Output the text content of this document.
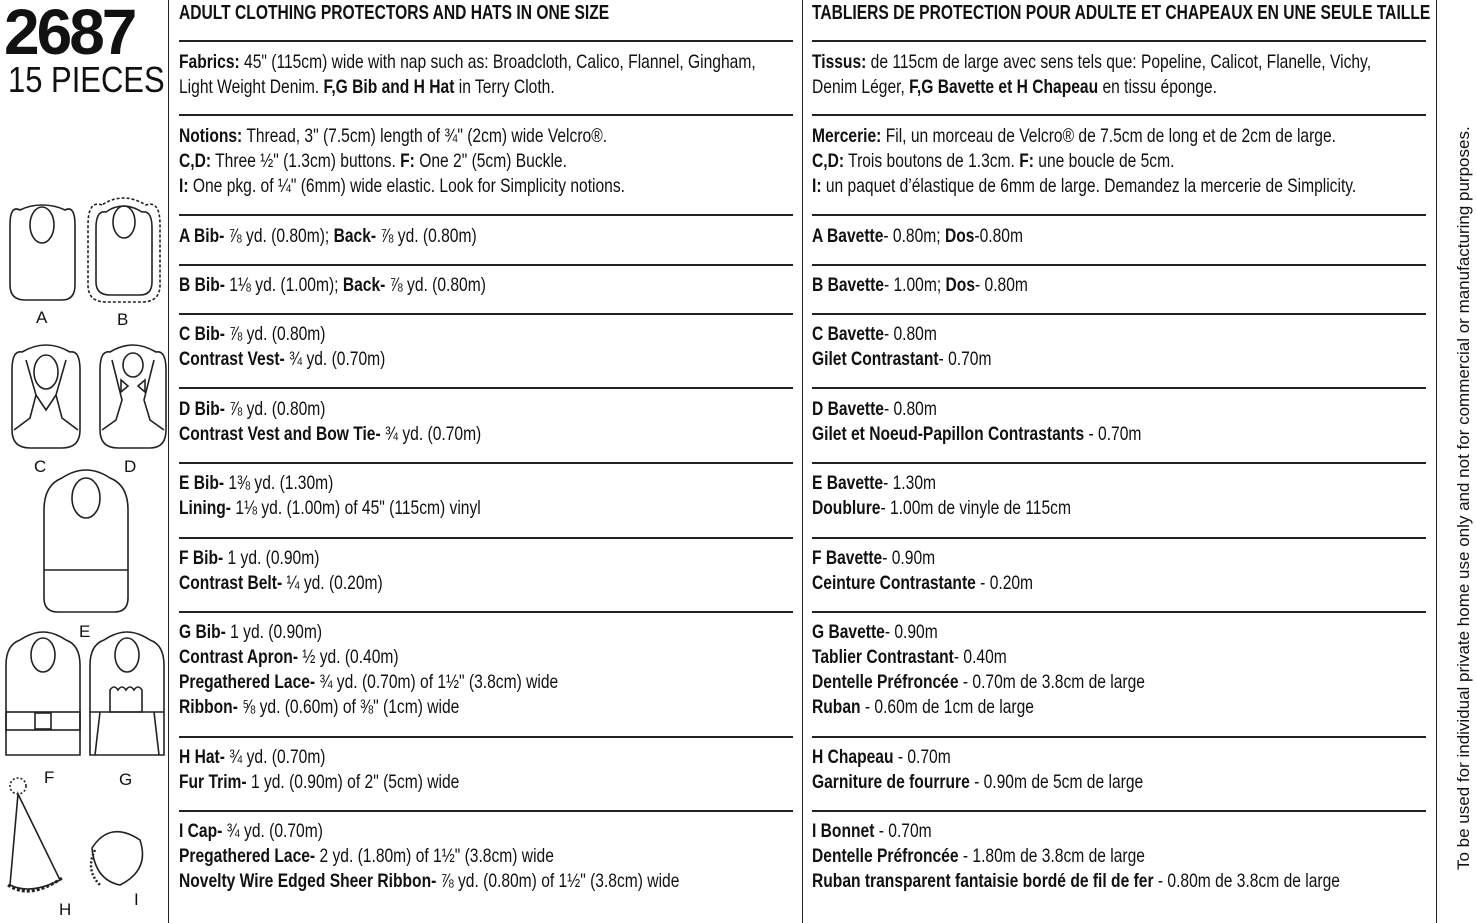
2687
15 PIECES
A	B
C	D
E
F	G
H
I
ADULT CLOTHING PROTECTORS AND HATS IN ONE SIZE
Fabrics: 45" (115cm) wide with nap such as: Broadcloth, Calico, Flannel, Gingham,
Light Weight Denim. F,G Bib and H Hat in Terry Cloth.
Notions: Thread, 3" (7.5cm) length of ¾" (2cm) wide Velcro®.
C,D: Three ½" (1.3cm) buttons. F: One 2" (5cm) Buckle.
I: One pkg. of ¼" (6mm) wide elastic. Look for Simplicity notions.
A Bib- ⅞ yd. (0.80m); Back- ⅞ yd. (0.80m)
B Bib- 1⅛ yd. (1.00m); Back- ⅞ yd. (0.80m)
C Bib- ⅞ yd. (0.80m)
Contrast Vest- ¾ yd. (0.70m)
D Bib- ⅞ yd. (0.80m)
Contrast Vest and Bow Tie- ¾ yd. (0.70m)
E Bib- 1⅜ yd. (1.30m)
Lining- 1⅛ yd. (1.00m) of 45" (115cm) vinyl
F Bib- 1 yd. (0.90m)
Contrast Belt- ¼ yd. (0.20m)
G Bib- 1 yd. (0.90m)
Contrast Apron- ½ yd. (0.40m)
Pregathered Lace- ¾ yd. (0.70m) of 1½" (3.8cm) wide
Ribbon- ⅝ yd. (0.60m) of ⅜" (1cm) wide
H Hat- ¾ yd. (0.70m)
Fur Trim- 1 yd. (0.90m) of 2" (5cm) wide
I Cap- ¾ yd. (0.70m)
Pregathered Lace- 2 yd. (1.80m) of 1½" (3.8cm) wide
Novelty Wire Edged Sheer Ribbon- ⅞ yd. (0.80m) of 1½" (3.8cm) wide
TABLIERS DE PROTECTION POUR ADULTE ET CHAPEAUX EN UNE SEULE TAILLE
Tissus: de 115cm de large avec sens tels que: Popeline, Calicot, Flanelle, Vichy,
Denim Léger, F,G Bavette et H Chapeau en tissu éponge.
Mercerie: Fil, un morceau de Velcro® de 7.5cm de long et de 2cm de large.
C,D: Trois boutons de 1.3cm. F: une boucle de 5cm.
I: un paquet d’élastique de 6mm de large. Demandez la mercerie de Simplicity.
A Bavette- 0.80m; Dos-0.80m
B Bavette- 1.00m; Dos- 0.80m
C Bavette- 0.80m
Gilet Contrastant- 0.70m
D Bavette- 0.80m
Gilet et Noeud-Papillon Contrastants - 0.70m
E Bavette- 1.30m
Doublure- 1.00m de vinyle de 115cm
F Bavette- 0.90m
Ceinture Contrastante - 0.20m
G Bavette- 0.90m
Tablier Contrastant- 0.40m
Dentelle Préfroncée - 0.70m de 3.8cm de large
Ruban - 0.60m de 1cm de large
H Chapeau - 0.70m
Garniture de fourrure - 0.90m de 5cm de large
I Bonnet - 0.70m
Dentelle Préfroncée - 1.80m de 3.8cm de large
Ruban transparent fantaisie bordé de fil de fer - 0.80m de 3.8cm de large
To be used for individual private home use only and not for commercial or manufacturing purposes.
